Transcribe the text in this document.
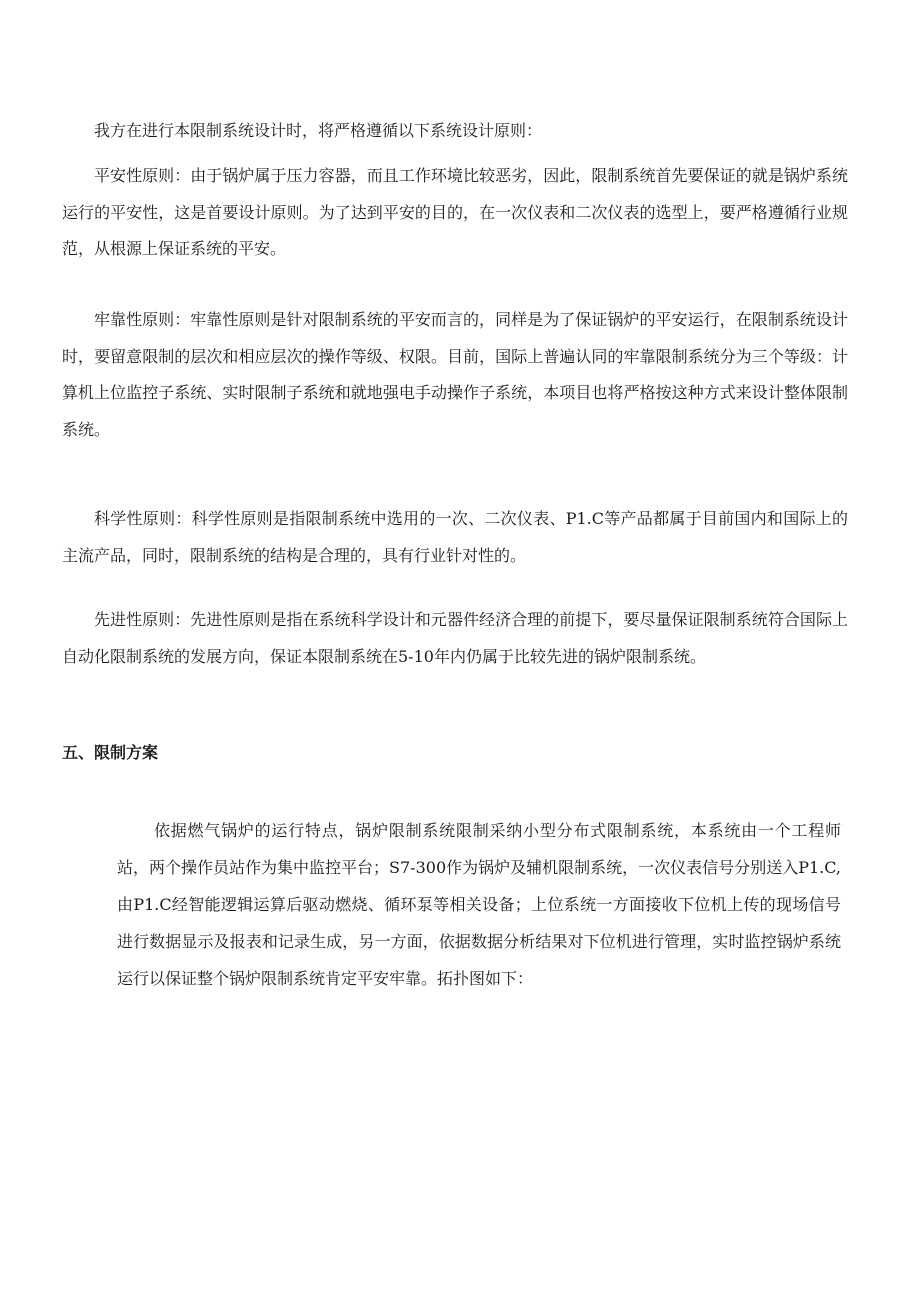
我方在进行本限制系统设计时，将严格遵循以下系统设计原则：

平安性原则：由于锅炉属于压力容器，而且工作环境比较恶劣，因此，限制系统首先要保证的就是锅炉系统运行的平安性，这是首要设计原则。为了达到平安的目的，在一次仪表和二次仪表的选型上，要严格遵循行业规范，从根源上保证系统的平安。

牢靠性原则：牢靠性原则是针对限制系统的平安而言的，同样是为了保证锅炉的平安运行，在限制系统设计时，要留意限制的层次和相应层次的操作等级、权限。目前，国际上普遍认同的牢靠限制系统分为三个等级：计算机上位监控子系统、实时限制子系统和就地强电手动操作子系统，本项目也将严格按这种方式来设计整体限制系统。

科学性原则：科学性原则是指限制系统中选用的一次、二次仪表、P1.C等产品都属于目前国内和国际上的主流产品，同时，限制系统的结构是合理的，具有行业针对性的。

先进性原则：先进性原则是指在系统科学设计和元器件经济合理的前提下，要尽量保证限制系统符合国际上自动化限制系统的发展方向，保证本限制系统在5-10年内仍属于比较先进的锅炉限制系统。

五、限制方案

依据燃气锅炉的运行特点，锅炉限制系统限制采纳小型分布式限制系统，本系统由一个工程师站，两个操作员站作为集中监控平台；S7-300作为锅炉及辅机限制系统，一次仪表信号分别送入P1.C,由P1.C经智能逻辑运算后驱动燃烧、循环泵等相关设备；上位系统一方面接收下位机上传的现场信号进行数据显示及报表和记录生成，另一方面，依据数据分析结果对下位机进行管理，实时监控锅炉系统运行以保证整个锅炉限制系统肯定平安牢靠。拓扑图如下：
